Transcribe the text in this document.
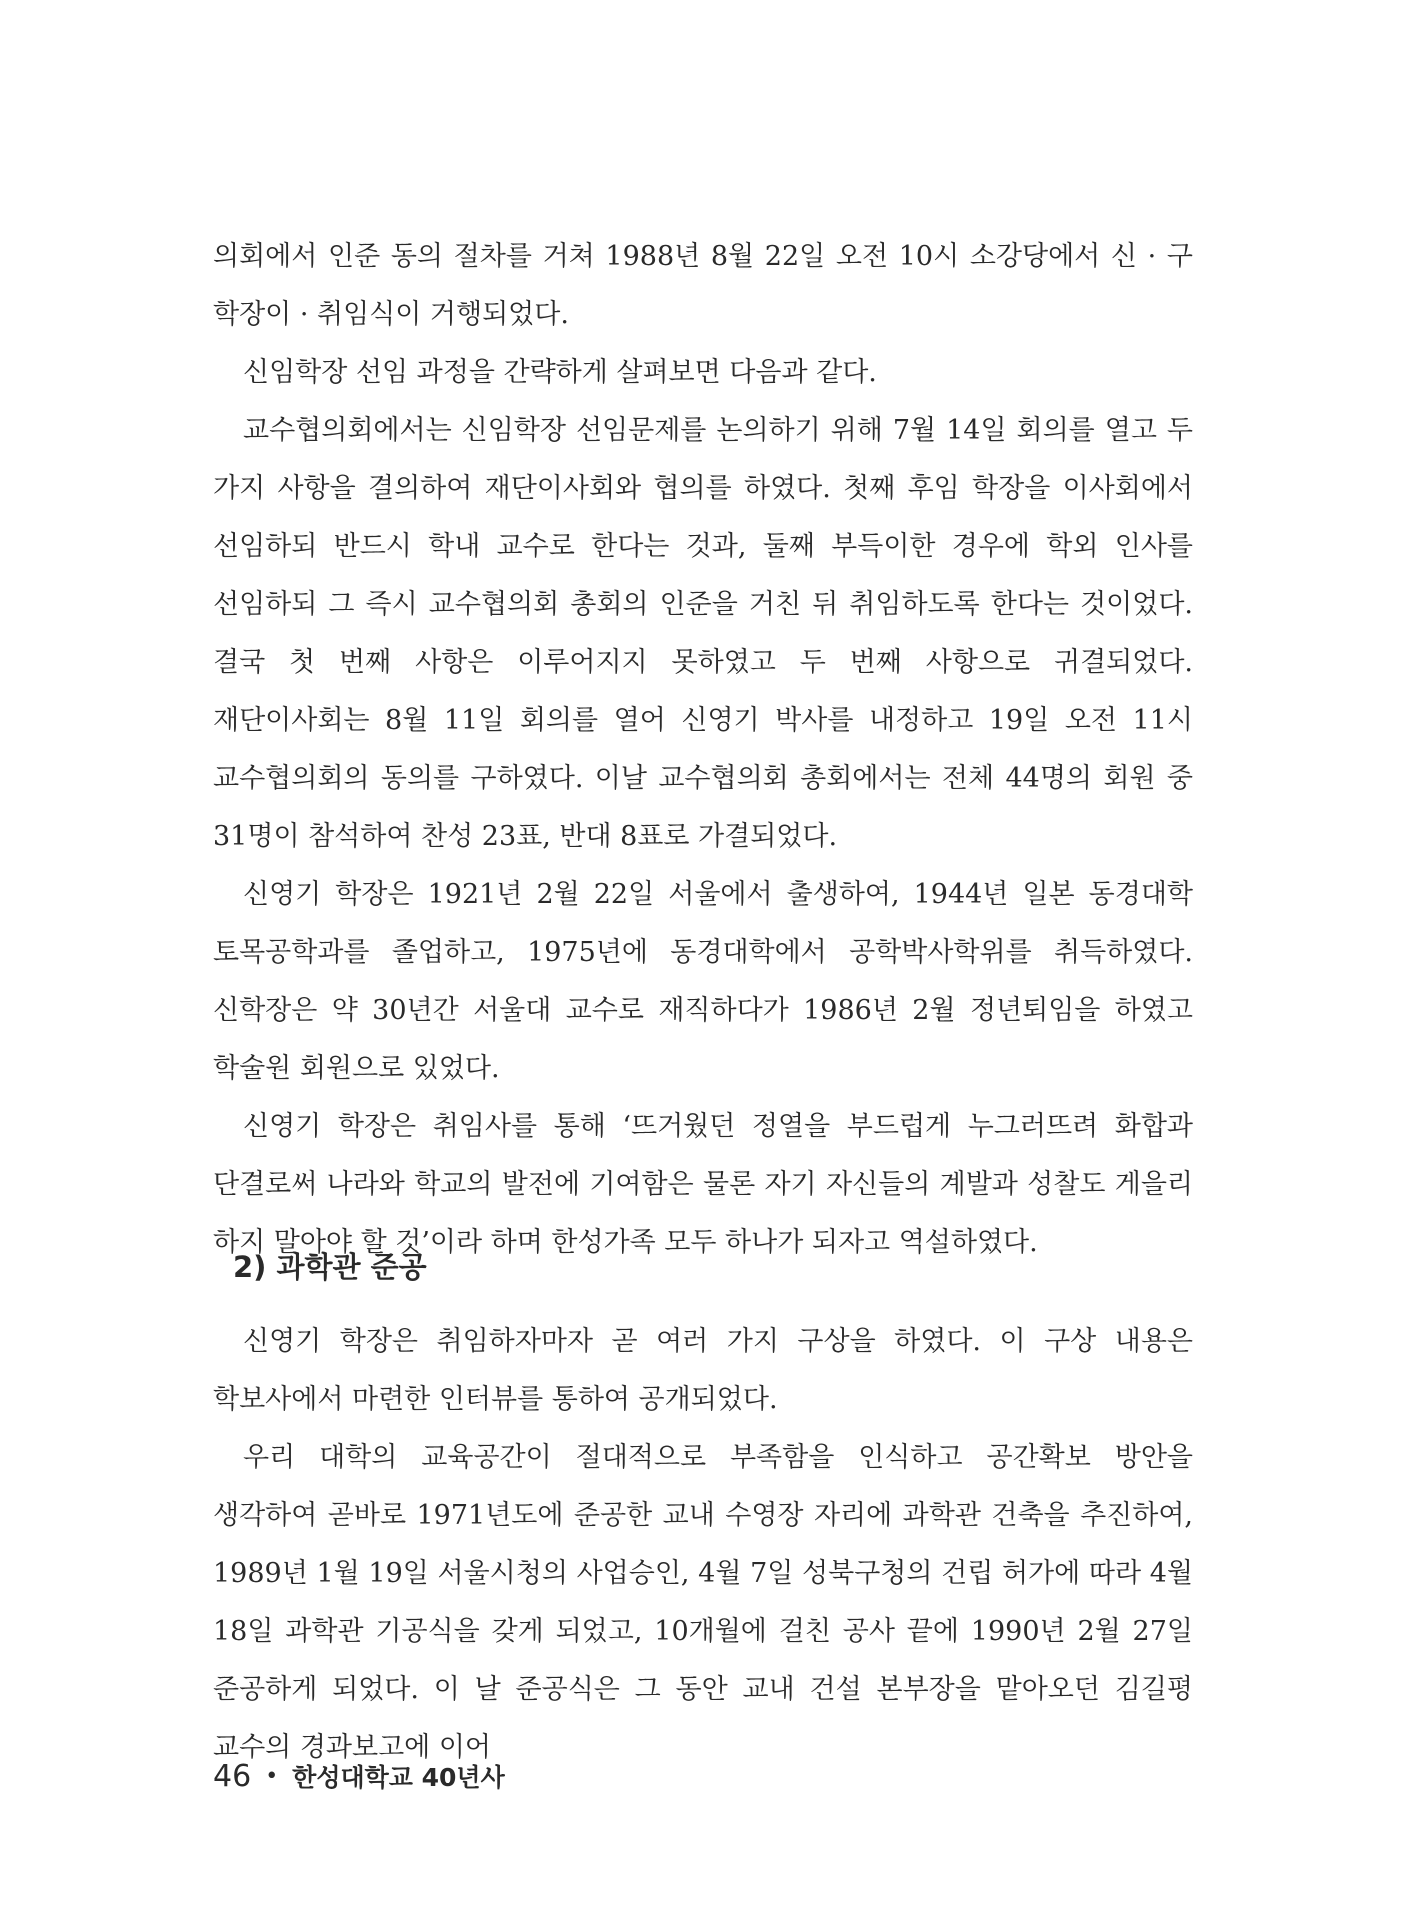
의회에서 인준 동의 절차를 거쳐 1988년 8월 22일 오전 10시 소강당에서 신 · 구 학장이 · 취임식이 거행되었다.

신임학장 선임 과정을 간략하게 살펴보면 다음과 같다.

교수협의회에서는 신임학장 선임문제를 논의하기 위해 7월 14일 회의를 열고 두 가지 사항을 결의하여 재단이사회와 협의를 하였다. 첫째 후임 학장을 이사회에서 선임하되 반드시 학내 교수로 한다는 것과, 둘째 부득이한 경우에 학외 인사를 선임하되 그 즉시 교수협의회 총회의 인준을 거친 뒤 취임하도록 한다는 것이었다. 결국 첫 번째 사항은 이루어지지 못하였고 두 번째 사항으로 귀결되었다. 재단이사회는 8월 11일 회의를 열어 신영기 박사를 내정하고 19일 오전 11시 교수협의회의 동의를 구하였다. 이날 교수협의회 총회에서는 전체 44명의 회원 중 31명이 참석하여 찬성 23표, 반대 8표로 가결되었다.

신영기 학장은 1921년 2월 22일 서울에서 출생하여, 1944년 일본 동경대학 토목공학과를 졸업하고, 1975년에 동경대학에서 공학박사학위를 취득하였다. 신학장은 약 30년간 서울대 교수로 재직하다가 1986년 2월 정년퇴임을 하였고 학술원 회원으로 있었다.

신영기 학장은 취임사를 통해 ‘뜨거웠던 정열을 부드럽게 누그러뜨려 화합과 단결로써 나라와 학교의 발전에 기여함은 물론 자기 자신들의 계발과 성찰도 게을리 하지 말아야 할 것’이라 하며 한성가족 모두 하나가 되자고 역설하였다.

2) 과학관 준공

신영기 학장은 취임하자마자 곧 여러 가지 구상을 하였다. 이 구상 내용은 학보사에서 마련한 인터뷰를 통하여 공개되었다.

우리 대학의 교육공간이 절대적으로 부족함을 인식하고 공간확보 방안을 생각하여 곧바로 1971년도에 준공한 교내 수영장 자리에 과학관 건축을 추진하여, 1989년 1월 19일 서울시청의 사업승인, 4월 7일 성북구청의 건립 허가에 따라 4월 18일 과학관 기공식을 갖게 되었고, 10개월에 걸친 공사 끝에 1990년 2월 27일 준공하게 되었다. 이 날 준공식은 그 동안 교내 건설 본부장을 맡아오던 김길평 교수의 경과보고에 이어

46 • 한성대학교 40년사
